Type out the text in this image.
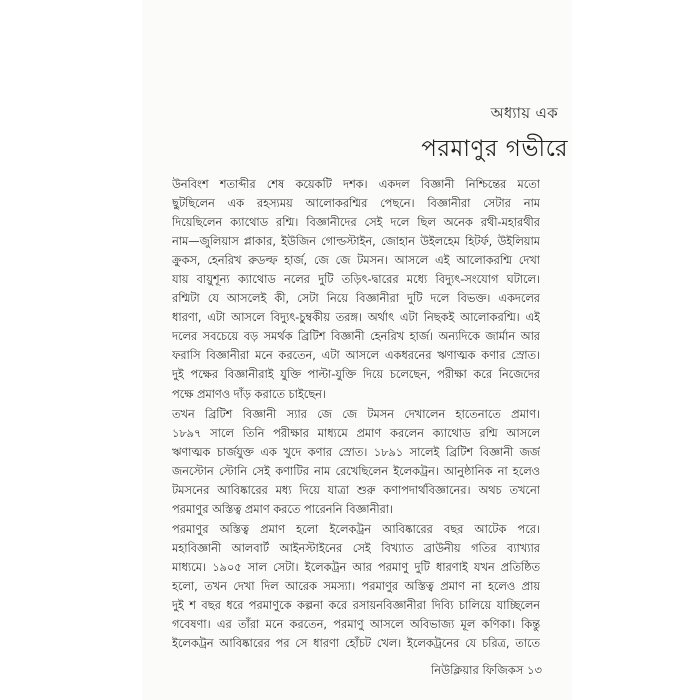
অধ্যায় এক
পরমাণুর গভীরে
উনবিংশ শতাব্দীর শেষ কয়েকটি দশক। একদল বিজ্ঞানী নিশ্চিন্তের মতো
ছুটছিলেন এক রহস্যময় আলোকরশ্মির পেছনে। বিজ্ঞানীরা সেটার নাম
দিয়েছিলেন ক্যাথোড রশ্মি। বিজ্ঞানীদের সেই দলে ছিল অনেক রথী-মহারথীর
নাম—জুলিয়াস প্লাকার, ইউজিন গোল্ডস্টাইন, জোহান উইলহেম হিটর্ফ, উইলিয়াম
ক্রুকস, হেনরিখ রুডল্ফ হার্জ, জে জে টমসন। আসলে এই আলোকরশ্মি দেখা
যায় বায়ুশূন্য ক্যাথোড নলের দুটি তড়িৎ-দ্বারের মধ্যে বিদ্যুৎ-সংযোগ ঘটালে।
রশ্মিটা যে আসলেই কী, সেটা নিয়ে বিজ্ঞানীরা দুটি দলে বিভক্ত। একদলের
ধারণা, এটা আসলে বিদ্যুৎ-চুম্বকীয় তরঙ্গ। অর্থাৎ এটা নিছকই আলোকরশ্মি। এই
দলের সবচেয়ে বড় সমর্থক ব্রিটিশ বিজ্ঞানী হেনরিখ হার্জ। অন্যদিকে জার্মান আর
ফরাসি বিজ্ঞানীরা মনে করতেন, এটা আসলে একধরনের ঋণাত্মক কণার স্রোত।
দুই পক্ষের বিজ্ঞানীরাই যুক্তি পাল্টা-যুক্তি দিয়ে চলেছেন, পরীক্ষা করে নিজেদের
পক্ষে প্রমাণও দাঁড় করাতে চাইছেন।
তখন ব্রিটিশ বিজ্ঞানী স্যার জে জে টমসন দেখালেন হাতেনাতে প্রমাণ।
১৮৯৭ সালে তিনি পরীক্ষার মাধ্যমে প্রমাণ করলেন ক্যাথোড রশ্মি আসলে
ঋণাত্মক চার্জযুক্ত এক খুদে কণার স্রোত। ১৮৯১ সালেই ব্রিটিশ বিজ্ঞানী জর্জ
জনস্টোন স্টোনি সেই কণাটির নাম রেখেছিলেন ইলেকট্রন। আনুষ্ঠানিক না হলেও
টমসনের আবিষ্কারের মধ্য দিয়ে যাত্রা শুরু কণাপদার্থবিজ্ঞানের। অথচ তখনো
পরমাণুর অস্তিত্ব প্রমাণ করতে পারেননি বিজ্ঞানীরা।
পরমাণুর অস্তিত্ব প্রমাণ হলো ইলেকট্রন আবিষ্কারের বছর আটেক পরে।
মহাবিজ্ঞানী আলবার্ট আইনস্টাইনের সেই বিখ্যাত ব্রাউনীয় গতির ব্যাখ্যার
মাধ্যমে। ১৯০৫ সাল সেটা। ইলেকট্রন আর পরমাণু দুটি ধারণাই যখন প্রতিষ্ঠিত
হলো, তখন দেখা দিল আরেক সমস্যা। পরমাণুর অস্তিত্ব প্রমাণ না হলেও প্রায়
দুই শ বছর ধরে পরমাণুকে কল্পনা করে রসায়নবিজ্ঞানীরা দিব্যি চালিয়ে যাচ্ছিলেন
গবেষণা। এর তাঁরা মনে করতেন, পরমাণু আসলে অবিভাজ্য মূল কণিকা। কিন্তু
ইলেকট্রন আবিষ্কারের পর সে ধারণা হোঁচট খেল। ইলেকট্রনের যে চরিত্র, তাতে
নিউক্লিয়ার ফিজিকস ১৩
